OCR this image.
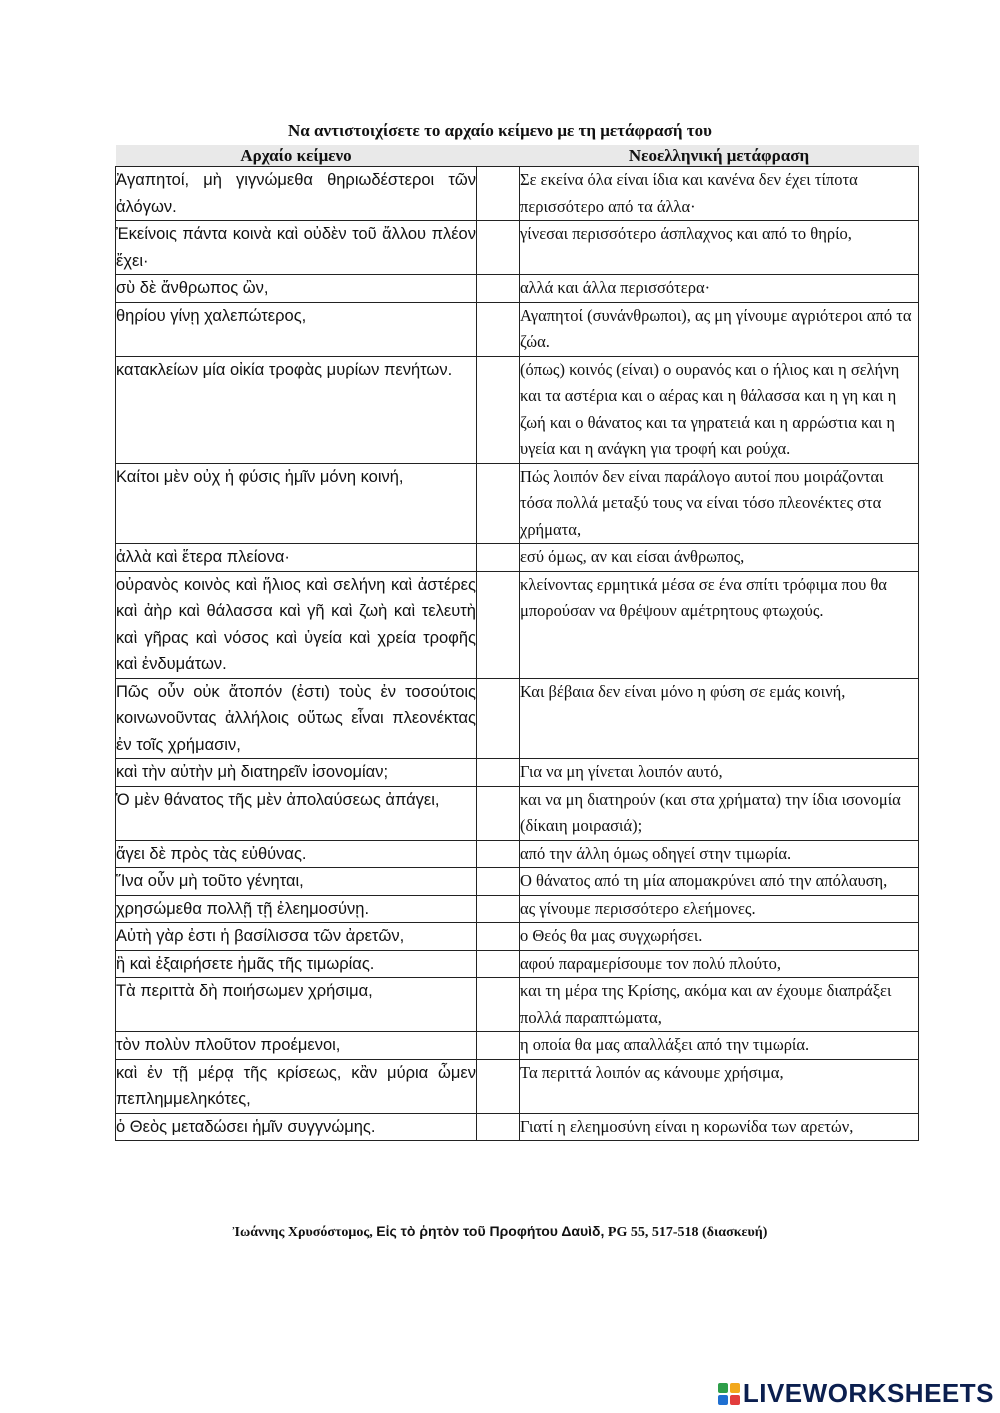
Να αντιστοιχίσετε το αρχαίο κείμενο με τη μετάφρασή του
Αρχαίο κείμενο		Νεοελληνική μετάφραση
Ἀγαπητοί, μὴ γιγνώμεθα θηριωδέστεροι τῶν ἀλόγων.		Σε εκείνα όλα είναι ίδια και κανένα δεν έχει τίποτα περισσότερο από τα άλλα·
Ἐκείνοις πάντα κοινὰ καὶ οὐδὲν τοῦ ἄλλου πλέον ἔχει·		γίνεσαι περισσότερο άσπλαχνος και από το θηρίο,
σὺ δὲ ἄνθρωπος ὢν,		αλλά και άλλα περισσότερα·
θηρίου γίνῃ χαλεπώτερος,		Αγαπητοί (συνάνθρωποι), ας μη γίνουμε αγριότεροι από τα ζώα.
κατακλείων μία οἰκία τροφὰς μυρίων πενήτων.		(όπως) κοινός (είναι) ο ουρανός και ο ήλιος και η σελήνη και τα αστέρια και ο αέρας και η θάλασσα και η γη και η ζωή και ο θάνατος και τα γηρατειά και η αρρώστια και η υγεία και η ανάγκη για τροφή και ρούχα.
Καίτοι μὲν οὐχ ἡ φύσις ἡμῖν μόνη κοινή,		Πώς λοιπόν δεν είναι παράλογο αυτοί που μοιράζονται τόσα πολλά μεταξύ τους να είναι τόσο πλεονέκτες στα χρήματα,
ἀλλὰ καὶ ἕτερα πλείονα·		εσύ όμως, αν και είσαι άνθρωπος,
οὐρανὸς κοινὸς καὶ ἥλιος καὶ σελήνη καὶ ἀστέρες καὶ ἀὴρ καὶ θάλασσα καὶ γῆ καὶ ζωὴ καὶ τελευτὴ καὶ γῆρας καὶ νόσος καὶ ὑγεία καὶ χρεία τροφῆς καὶ ἐνδυμάτων.		κλείνοντας ερμητικά μέσα σε ένα σπίτι τρόφιμα που θα μπορούσαν να θρέψουν αμέτρητους φτωχούς.
Πῶς οὖν οὐκ ἄτοπόν (ἐστι) τοὺς ἐν τοσούτοις κοινωνοῦντας ἀλλήλοις οὕτως εἶναι πλεονέκτας ἐν τοῖς χρήμασιν,		Και βέβαια δεν είναι μόνο η φύση σε εμάς κοινή,
καὶ τὴν αὐτὴν μὴ διατηρεῖν ἰσονομίαν;		Για να μη γίνεται λοιπόν αυτό,
Ὁ μὲν θάνατος τῆς μὲν ἀπολαύσεως ἀπάγει,		και να μη διατηρούν (και στα χρήματα) την ίδια ισονομία (δίκαιη μοιρασιά);
ἄγει δὲ πρὸς τὰς εὐθύνας.		από την άλλη όμως οδηγεί στην τιμωρία.
Ἵνα οὖν μὴ τοῦτο γένηται,		Ο θάνατος από τη μία απομακρύνει από την απόλαυση,
χρησώμεθα πολλῇ τῇ ἐλεημοσύνῃ.		ας γίνουμε περισσότερο ελεήμονες.
Αὐτὴ γὰρ ἐστι ἡ βασίλισσα τῶν ἀρετῶν,		ο Θεός θα μας συγχωρήσει.
ἣ καὶ ἐξαιρήσετε ἡμᾶς τῆς τιμωρίας.		αφού παραμερίσουμε τον πολύ πλούτο,
Τὰ περιττὰ δὴ ποιήσωμεν χρήσιμα,		και τη μέρα της Κρίσης, ακόμα και αν έχουμε διαπράξει πολλά παραπτώματα,
τὸν πολὺν πλοῦτον προέμενοι,		η οποία θα μας απαλλάξει από την τιμωρία.
καὶ ἐν τῇ μέρᾳ τῆς κρίσεως, κἂν μύρια ὦμεν πεπλημμεληκότες,		Τα περιττά λοιπόν ας κάνουμε χρήσιμα,
ὁ Θεὸς μεταδώσει ἡμῖν συγγνώμης.		Γιατί η ελεημοσύνη είναι η κορωνίδα των αρετών,
Ἰωάννης Χρυσόστομος, Εἰς τὸ ῥητὸν τοῦ Προφήτου Δαυὶδ, PG 55, 517-518 (διασκευή)
LIVEWORKSHEETS
